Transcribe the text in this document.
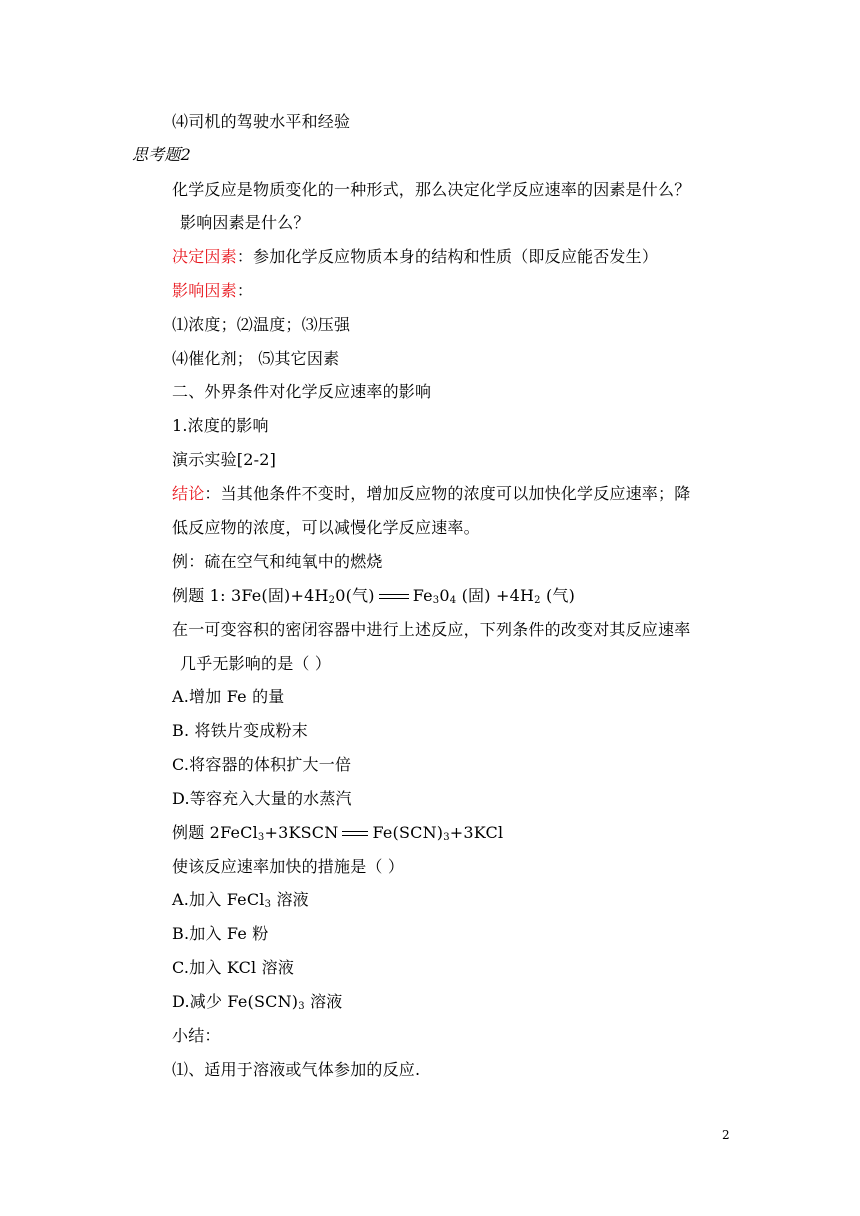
⑷司机的驾驶水平和经验
思考题2
化学反应是物质变化的一种形式，那么决定化学反应速率的因素是什么？
影响因素是什么？
决定因素：参加化学反应物质本身的结构和性质（即反应能否发生）
影响因素：
⑴浓度；⑵温度；⑶压强
⑷催化剂； ⑸其它因素
二、外界条件对化学反应速率的影响
1.浓度的影响
演示实验[2-2]
结论：当其他条件不变时，增加反应物的浓度可以加快化学反应速率；降
低反应物的浓度，可以减慢化学反应速率。
例：硫在空气和纯氧中的燃烧
例题 1: 3Fe(固)$+4H_20$(气) $Fe_30_4$ (固) $+4H_2$ (气)
在一可变容积的密闭容器中进行上述反应，下列条件的改变对其反应速率
几乎无影响的是（ ）
A.增加 Fe 的量
B. 将铁片变成粉末
C.将容器的体积扩大一倍
D.等容充入大量的水蒸汽
例题 2FeCl$_3$+3KSCN $Fe(SCN)_3+3KCl$
使该反应速率加快的措施是（ ）
A.加入 FeCl$_3$ 溶液
B.加入 Fe 粉
C.加入 KCl 溶液
D.减少 $Fe(SCN)_3$ 溶液
小结：
⑴、适用于溶液或气体参加的反应.
2
